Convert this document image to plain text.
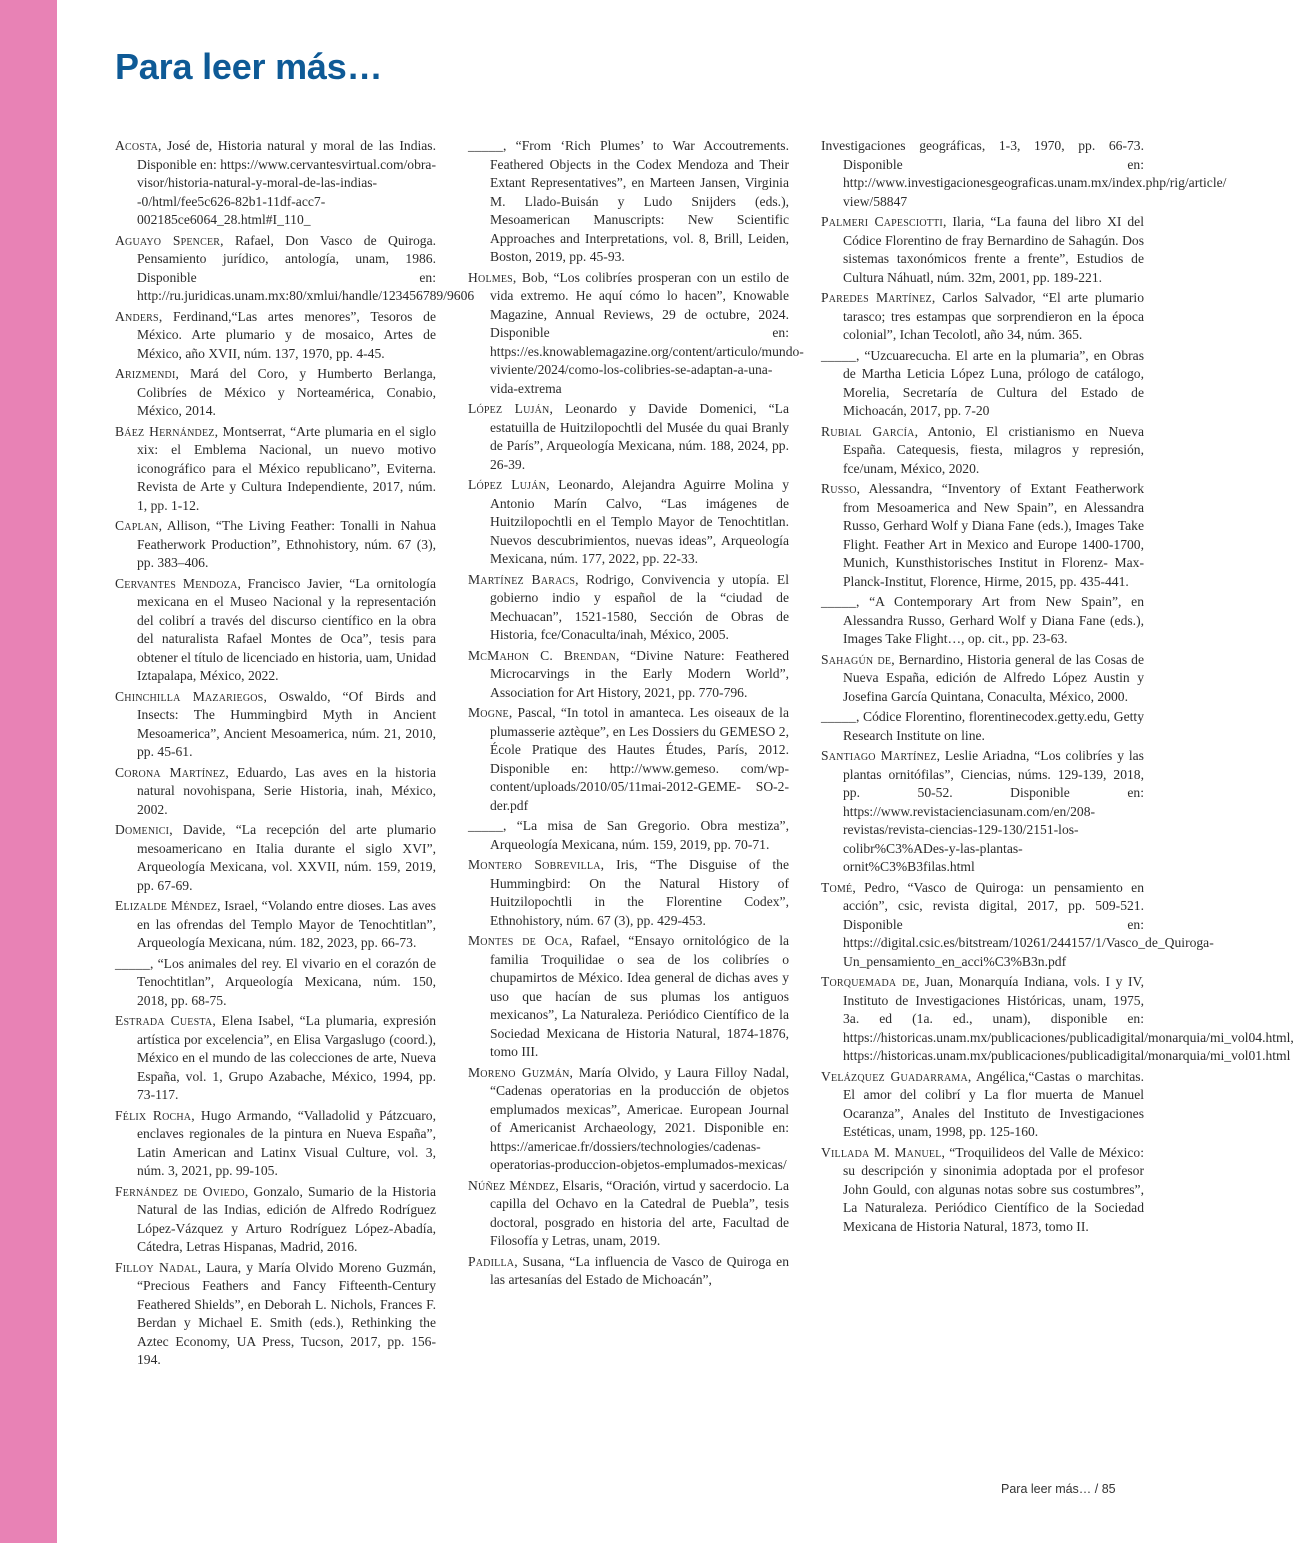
Para leer más…

Acosta, José de, Historia natural y moral de las Indias. Disponible en: https://www.cervantesvirtual.com/obra-visor/historia-natural-y-moral-de-las-indias--0/html/fee5c626-82b1-11df-acc7-002185ce6064_28.html#I_110_

Aguayo Spencer, Rafael, Don Vasco de Quiroga. Pensamiento jurídico, antología, unam, 1986. Disponible en: http://ru.juridicas.unam.mx:80/xmlui/handle/123456789/9606

Anders, Ferdinand,“Las artes menores”, Tesoros de México. Arte plumario y de mosaico, Artes de México, año XVII, núm. 137, 1970, pp. 4-45.

Arizmendi, Mará del Coro, y Humberto Berlanga, Colibríes de México y Norteamérica, Conabio, México, 2014.

Báez Hernández, Montserrat, “Arte plumaria en el siglo xix: el Emblema Nacional, un nuevo motivo iconográfico para el México republicano”, Eviterna. Revista de Arte y Cultura Independiente, 2017, núm. 1, pp. 1-12.

Caplan, Allison, “The Living Feather: Tonalli in Nahua Featherwork Production”, Ethnohistory, núm. 67 (3), pp. 383–406.

Cervantes Mendoza, Francisco Javier, “La ornitología mexicana en el Museo Nacional y la representación del colibrí a través del discurso científico en la obra del naturalista Rafael Montes de Oca”, tesis para obtener el título de licenciado en historia, uam, Unidad Iztapalapa, México, 2022.

Chinchilla Mazariegos, Oswaldo, “Of Birds and Insects: The Hummingbird Myth in Ancient Mesoamerica”, Ancient Mesoamerica, núm. 21, 2010, pp. 45-61.

Corona Martínez, Eduardo, Las aves en la historia natural novohispana, Serie Historia, inah, México, 2002.

Domenici, Davide, “La recepción del arte plumario mesoamericano en Italia durante el siglo XVI”, Arqueología Mexicana, vol. XXVII, núm. 159, 2019, pp. 67-69.

Elizalde Méndez, Israel, “Volando entre dioses. Las aves en las ofrendas del Templo Mayor de Tenochtitlan”, Arqueología Mexicana, núm. 182, 2023, pp. 66-73.

_____, “Los animales del rey. El vivario en el corazón de Tenochtitlan”, Arqueología Mexicana, núm. 150, 2018, pp. 68-75.

Estrada Cuesta, Elena Isabel, “La plumaria, expresión artística por excelencia”, en Elisa Vargaslugo (coord.), México en el mundo de las colecciones de arte, Nueva España, vol. 1, Grupo Azabache, México, 1994, pp. 73-117.

Félix Rocha, Hugo Armando, “Valladolid y Pátzcuaro, enclaves regionales de la pintura en Nueva España”, Latin American and Latinx Visual Culture, vol. 3, núm. 3, 2021, pp. 99-105.

Fernández de Oviedo, Gonzalo, Sumario de la Historia Natural de las Indias, edición de Alfredo Rodríguez López-Vázquez y Arturo Rodríguez López-Abadía, Cátedra, Letras Hispanas, Madrid, 2016.

Filloy Nadal, Laura, y María Olvido Moreno Guzmán, “Precious Feathers and Fancy Fifteenth-Century Feathered Shields”, en Deborah L. Nichols, Frances F. Berdan y Michael E. Smith (eds.), Rethinking the Aztec Economy, UA Press, Tucson, 2017, pp. 156-194.

_____, “From ‘Rich Plumes’ to War Accoutrements. Feathered Objects in the Codex Mendoza and Their Extant Representatives”, en Marteen Jansen, Virginia M. Llado-Buisán y Ludo Snijders (eds.), Mesoamerican Manuscripts: New Scientific Approaches and Interpretations, vol. 8, Brill, Leiden, Boston, 2019, pp. 45-93.

Holmes, Bob, “Los colibríes prosperan con un estilo de vida extremo. He aquí cómo lo hacen”, Knowable Magazine, Annual Reviews, 29 de octubre, 2024. Disponible en: https://es.knowablemagazine.org/content/articulo/mundo-viviente/2024/como-los-colibries-se-adaptan-a-una-vida-extrema

López Luján, Leonardo y Davide Domenici, “La estatuilla de Huitzilopochtli del Musée du quai Branly de París”, Arqueología Mexicana, núm. 188, 2024, pp. 26-39.

López Luján, Leonardo, Alejandra Aguirre Molina y Antonio Marín Calvo, “Las imágenes de Huitzilopochtli en el Templo Mayor de Tenochtitlan. Nuevos descubrimientos, nuevas ideas”, Arqueología Mexicana, núm. 177, 2022, pp. 22-33.

Martínez Baracs, Rodrigo, Convivencia y utopía. El gobierno indio y español de la “ciudad de Mechuacan”, 1521-1580, Sección de Obras de Historia, fce/Conaculta/inah, México, 2005.

McMahon C. Brendan, “Divine Nature: Feathered Microcarvings in the Early Modern World”, Association for Art History, 2021, pp. 770-796.

Mogne, Pascal, “In totol in amanteca. Les oiseaux de la plumasserie aztèque”, en Les Dossiers du GEMESO 2, École Pratique des Hautes Études, París, 2012. Disponible en: http://www.gemeso. com/wp-content/uploads/2010/05/11mai-2012-GEME- SO-2-der.pdf

_____, “La misa de San Gregorio. Obra mestiza”, Arqueología Mexicana, núm. 159, 2019, pp. 70-71.

Montero Sobrevilla, Iris, “The Disguise of the Hummingbird: On the Natural History of Huitzilopochtli in the Florentine Codex”, Ethnohistory, núm. 67 (3), pp. 429-453.

Montes de Oca, Rafael, “Ensayo ornitológico de la familia Troquilidae o sea de los colibríes o chupamirtos de México. Idea general de dichas aves y uso que hacían de sus plumas los antiguos mexicanos”, La Naturaleza. Periódico Científico de la Sociedad Mexicana de Historia Natural, 1874-1876, tomo III.

Moreno Guzmán, María Olvido, y Laura Filloy Nadal, “Cadenas operatorias en la producción de objetos emplumados mexicas”, Americae. European Journal of Americanist Archaeology, 2021. Disponible en: https://americae.fr/dossiers/technologies/cadenas-operatorias-produccion-objetos-emplumados-mexicas/

Núñez Méndez, Elsaris, “Oración, virtud y sacerdocio. La capilla del Ochavo en la Catedral de Puebla”, tesis doctoral, posgrado en historia del arte, Facultad de Filosofía y Letras, unam, 2019.

Padilla, Susana, “La influencia de Vasco de Quiroga en las artesanías del Estado de Michoacán”,

Investigaciones geográficas, 1-3, 1970, pp. 66-73. Disponible en: http://www.investigacionesgeograficas.unam.mx/index.php/rig/article/ view/58847

Palmeri Capesciotti, Ilaria, “La fauna del libro XI del Códice Florentino de fray Bernardino de Sahagún. Dos sistemas taxonómicos frente a frente”, Estudios de Cultura Náhuatl, núm. 32m, 2001, pp. 189-221.

Paredes Martínez, Carlos Salvador, “El arte plumario tarasco; tres estampas que sorprendieron en la época colonial”, Ichan Tecolotl, año 34, núm. 365.

_____, “Uzcuarecucha. El arte en la plumaria”, en Obras de Martha Leticia López Luna, prólogo de catálogo, Morelia, Secretaría de Cultura del Estado de Michoacán, 2017, pp. 7-20

Rubial García, Antonio, El cristianismo en Nueva España. Catequesis, fiesta, milagros y represión, fce/unam, México, 2020.

Russo, Alessandra, “Inventory of Extant Featherwork from Mesoamerica and New Spain”, en Alessandra Russo, Gerhard Wolf y Diana Fane (eds.), Images Take Flight. Feather Art in Mexico and Europe 1400-1700, Munich, Kunsthistorisches Institut in Florenz- Max-Planck-Institut, Florence, Hirme, 2015, pp. 435-441.

_____, “A Contemporary Art from New Spain”, en Alessandra Russo, Gerhard Wolf y Diana Fane (eds.), Images Take Flight…, op. cit., pp. 23-63.

Sahagún de, Bernardino, Historia general de las Cosas de Nueva España, edición de Alfredo López Austin y Josefina García Quintana, Conaculta, México, 2000.

_____, Códice Florentino, florentinecodex.getty.edu, Getty Research Institute on line.

Santiago Martínez, Leslie Ariadna, “Los colibríes y las plantas ornitófilas”, Ciencias, núms. 129-139, 2018, pp. 50-52. Disponible en: https://www.revistacienciasunam.com/en/208-revistas/revista-ciencias-129-130/2151-los-colibr%C3%ADes-y-las-plantas-ornit%C3%B3filas.html

Tomé, Pedro, “Vasco de Quiroga: un pensamiento en acción”, csic, revista digital, 2017, pp. 509-521. Disponible en: https://digital.csic.es/bitstream/10261/244157/1/Vasco_de_Quiroga-Un_pensamiento_en_acci%C3%B3n.pdf

Torquemada de, Juan, Monarquía Indiana, vols. I y IV, Instituto de Investigaciones Históricas, unam, 1975, 3a. ed (1a. ed., unam), disponible en: https://historicas.unam.mx/publicaciones/publicadigital/monarquia/mi_vol04.html, https://historicas.unam.mx/publicaciones/publicadigital/monarquia/mi_vol01.html

Velázquez Guadarrama, Angélica,“Castas o marchitas. El amor del colibrí y La flor muerta de Manuel Ocaranza”, Anales del Instituto de Investigaciones Estéticas, unam, 1998, pp. 125-160.

Villada M. Manuel, “Troquilideos del Valle de México: su descripción y sinonimia adoptada por el profesor John Gould, con algunas notas sobre sus costumbres”, La Naturaleza. Periódico Científico de la Sociedad Mexicana de Historia Natural, 1873, tomo II.

Para leer más… / 85
